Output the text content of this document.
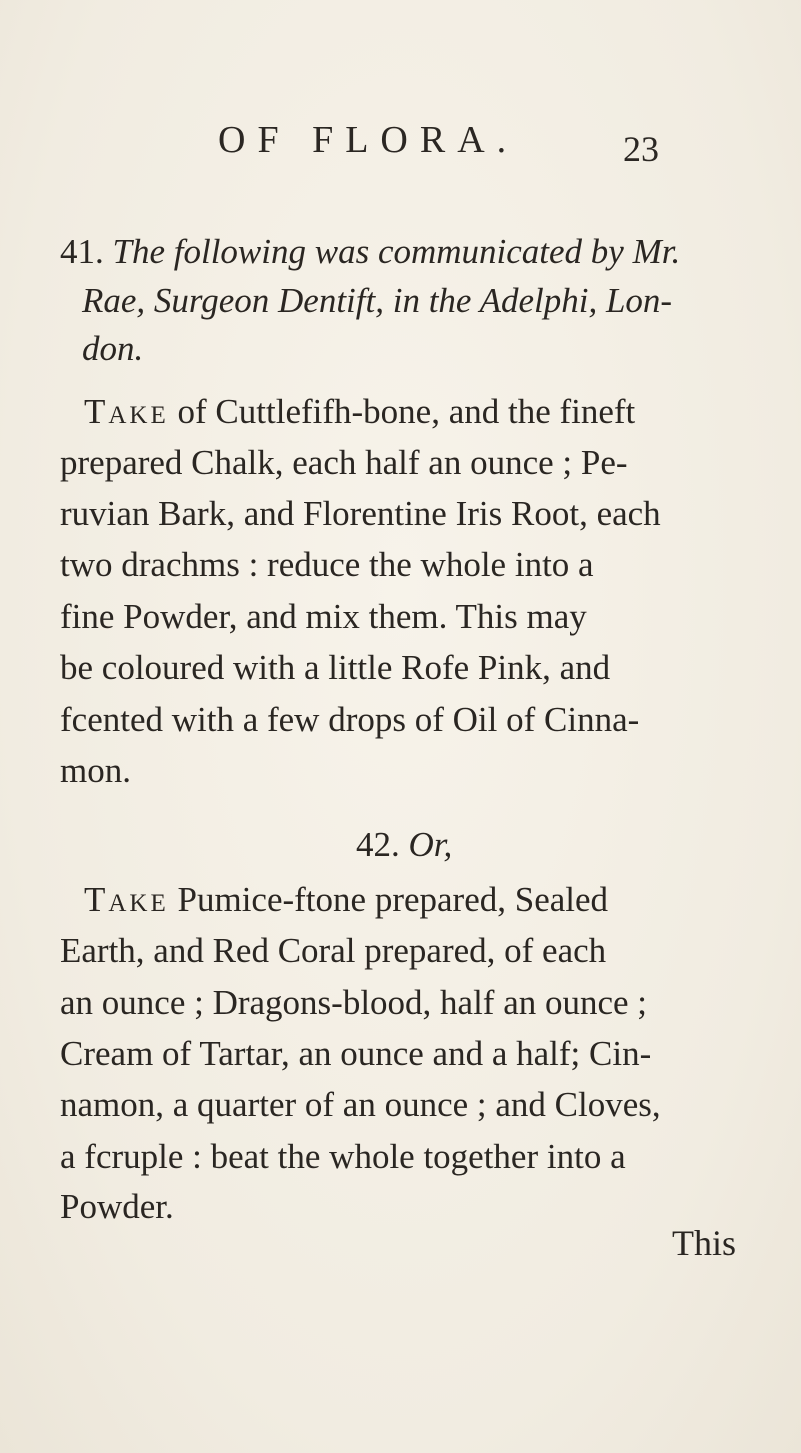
OF FLORA.	23
41. The following was communicated by Mr.
Rae, Surgeon Dentift, in the Adelphi, Lon-
don.
Take of Cuttlefifh-bone, and the fineft
prepared Chalk, each half an ounce ; Pe-
ruvian Bark, and Florentine Iris Root, each
two drachms : reduce the whole into a
fine Powder, and mix them. This may
be coloured with a little Rofe Pink, and
fcented with a few drops of Oil of Cinna-
mon.
42. Or,
Take Pumice-ftone prepared, Sealed
Earth, and Red Coral prepared, of each
an ounce ; Dragons-blood, half an ounce ;
Cream of Tartar, an ounce and a half; Cin-
namon, a quarter of an ounce ; and Cloves,
a fcruple : beat the whole together into a
Powder.
This
